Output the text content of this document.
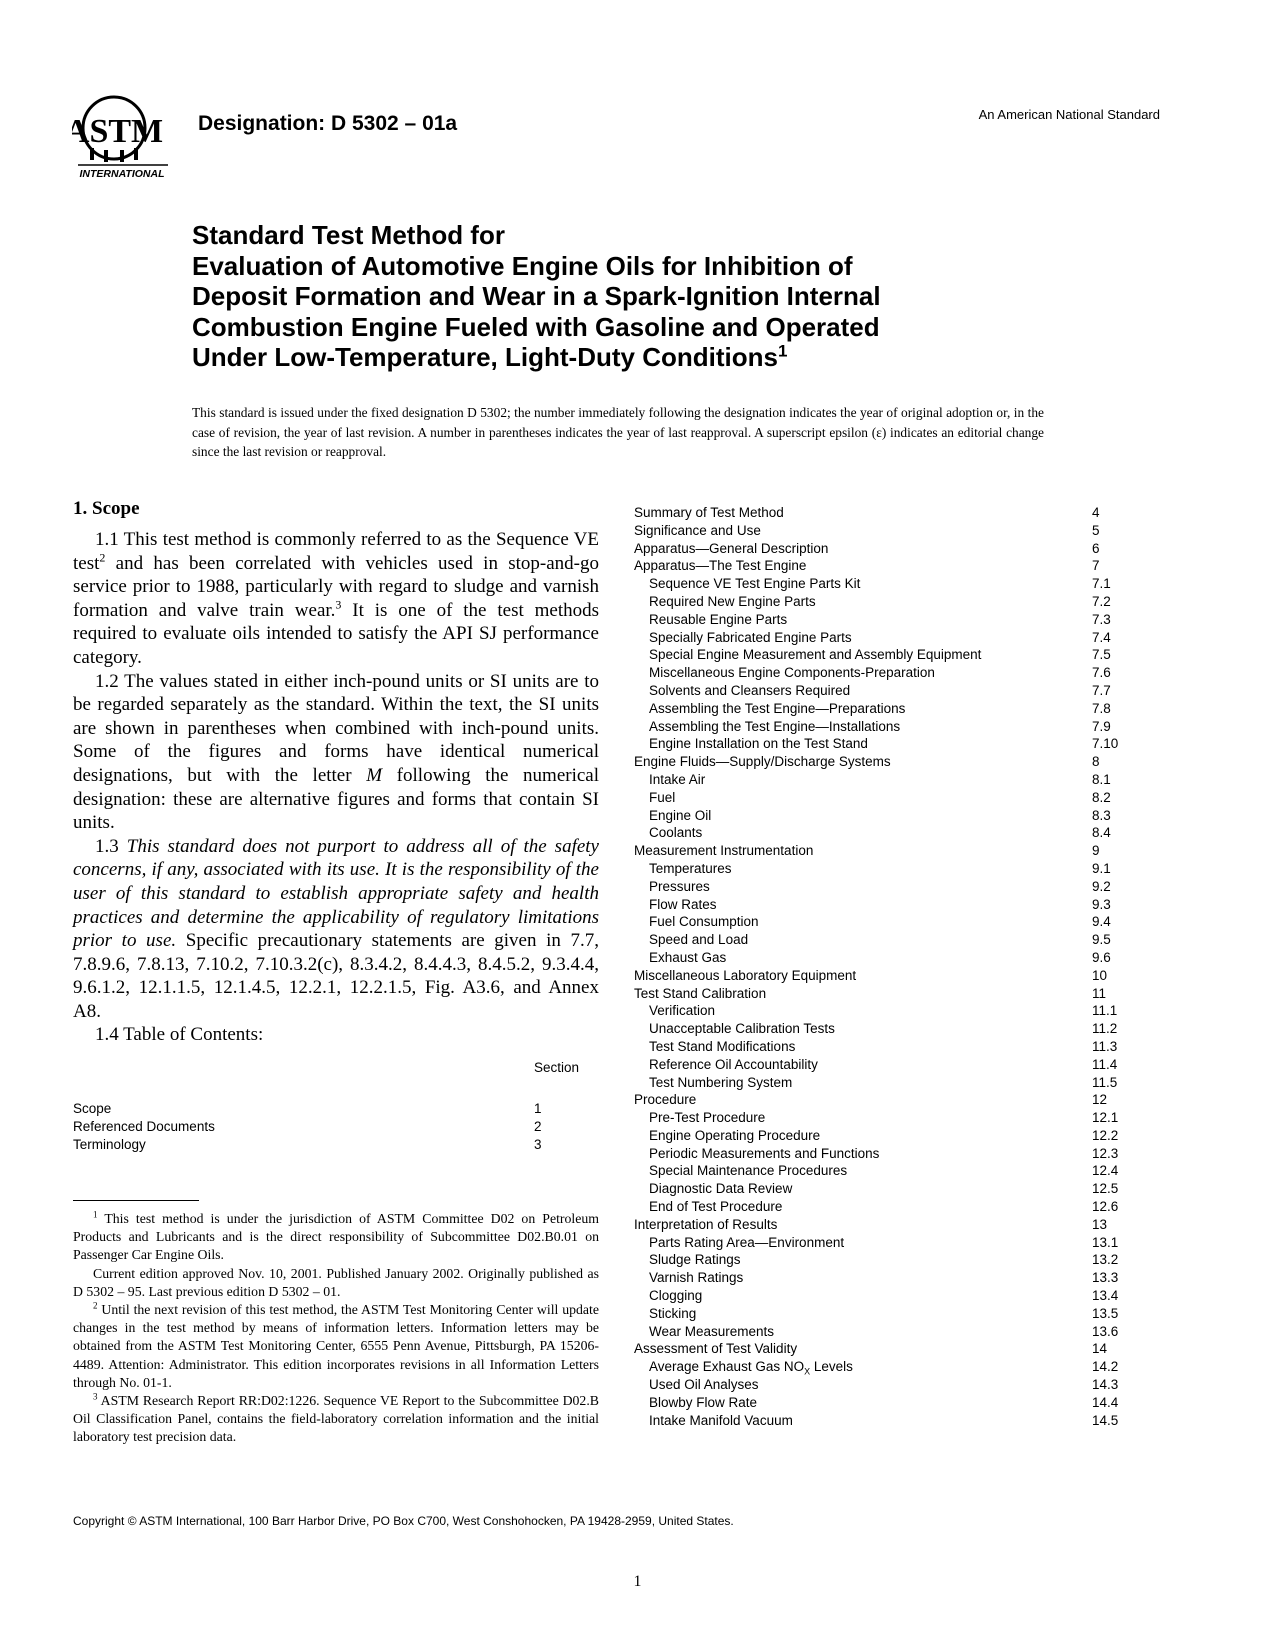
ASTM
INTERNATIONAL
Designation: D 5302 – 01a	An American National Standard
Standard Test Method for
Evaluation of Automotive Engine Oils for Inhibition of
Deposit Formation and Wear in a Spark-Ignition Internal
Combustion Engine Fueled with Gasoline and Operated
Under Low-Temperature, Light-Duty Conditions$^1$
This standard is issued under the fixed designation D 5302; the number immediately following the designation indicates the year of original adoption or, in the case of revision, the year of last revision. A number in parentheses indicates the year of last reapproval. A superscript epsilon (ε) indicates an editorial change since the last revision or reapproval.
1. Scope

1.1 This test method is commonly referred to as the Sequence VE test$^2$ and has been correlated with vehicles used in stop-and-go service prior to 1988, particularly with regard to sludge and varnish formation and valve train wear.$^3$ It is one of the test methods required to evaluate oils intended to satisfy the API SJ performance category.

1.2 The values stated in either inch-pound units or SI units are to be regarded separately as the standard. Within the text, the SI units are shown in parentheses when combined with inch-pound units. Some of the figures and forms have identical numerical designations, but with the letter M following the numerical designation: these are alternative figures and forms that contain SI units.

1.3 This standard does not purport to address all of the safety concerns, if any, associated with its use. It is the responsibility of the user of this standard to establish appropriate safety and health practices and determine the applicability of regulatory limitations prior to use. Specific precautionary statements are given in 7.7, 7.8.9.6, 7.8.13, 7.10.2, 7.10.3.2(c), 8.3.4.2, 8.4.4.3, 8.4.5.2, 9.3.4.4, 9.6.1.2, 12.1.1.5, 12.1.4.5, 12.2.1, 12.2.1.5, Fig. A3.6, and Annex A8.

1.4 Table of Contents:

Section
Scope	1
Referenced Documents	2
Terminology	3

$^1$ This test method is under the jurisdiction of ASTM Committee D02 on Petroleum Products and Lubricants and is the direct responsibility of Subcommittee D02.B0.01 on Passenger Car Engine Oils.

Current edition approved Nov. 10, 2001. Published January 2002. Originally published as D 5302 – 95. Last previous edition D 5302 – 01.

$^2$ Until the next revision of this test method, the ASTM Test Monitoring Center will update changes in the test method by means of information letters. Information letters may be obtained from the ASTM Test Monitoring Center, 6555 Penn Avenue, Pittsburgh, PA 15206-4489. Attention: Administrator. This edition incorporates revisions in all Information Letters through No. 01-1.

$^3$ ASTM Research Report RR:D02:1226. Sequence VE Report to the Subcommittee D02.B Oil Classification Panel, contains the field-laboratory correlation information and the initial laboratory test precision data.

Summary of Test Method	4
Significance and Use	5
Apparatus—General Description	6
Apparatus—The Test Engine	7
Sequence VE Test Engine Parts Kit	7.1
Required New Engine Parts	7.2
Reusable Engine Parts	7.3
Specially Fabricated Engine Parts	7.4
Special Engine Measurement and Assembly Equipment	7.5
Miscellaneous Engine Components-Preparation	7.6
Solvents and Cleansers Required	7.7
Assembling the Test Engine—Preparations	7.8
Assembling the Test Engine—Installations	7.9
Engine Installation on the Test Stand	7.10
Engine Fluids—Supply/Discharge Systems	8
Intake Air	8.1
Fuel	8.2
Engine Oil	8.3
Coolants	8.4
Measurement Instrumentation	9
Temperatures	9.1
Pressures	9.2
Flow Rates	9.3
Fuel Consumption	9.4
Speed and Load	9.5
Exhaust Gas	9.6
Miscellaneous Laboratory Equipment	10
Test Stand Calibration	11
Verification	11.1
Unacceptable Calibration Tests	11.2
Test Stand Modifications	11.3
Reference Oil Accountability	11.4
Test Numbering System	11.5
Procedure	12
Pre-Test Procedure	12.1
Engine Operating Procedure	12.2
Periodic Measurements and Functions	12.3
Special Maintenance Procedures	12.4
Diagnostic Data Review	12.5
End of Test Procedure	12.6
Interpretation of Results	13
Parts Rating Area—Environment	13.1
Sludge Ratings	13.2
Varnish Ratings	13.3
Clogging	13.4
Sticking	13.5
Wear Measurements	13.6
Assessment of Test Validity	14
Average Exhaust Gas $NO_X$ Levels	14.2
Used Oil Analyses	14.3
Blowby Flow Rate	14.4
Intake Manifold Vacuum	14.5
Copyright © ASTM International, 100 Barr Harbor Drive, PO Box C700, West Conshohocken, PA 19428-2959, United States.
1
